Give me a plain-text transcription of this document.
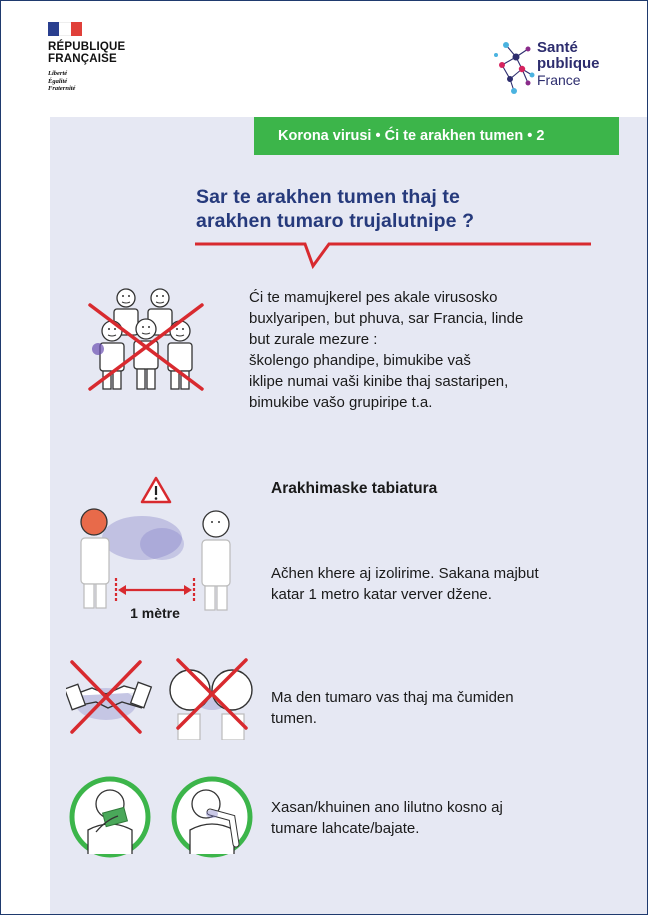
RÉPUBLIQUE
FRANÇAISE
Liberté
Égalité
Fraternité
Santé
publique
France
Korona virusi • Ći te arakhen tumen • 2
Sar te arakhen tumen thaj te
arakhen tumaro trujalutnipe ?
Ći te mamujkerel pes akale virusosko
buxlyaripen, but phuva, sar Francia, linde
but zurale mezure :
školengo phandipe, bimukibe vaš
iklipe numai vaši kinibe thaj sastaripen,
bimukibe vašo grupiripe t.a.
1 mètre
Arakhimaske tabiatura
Ačhen khere aj izolirime. Sakana majbut
katar 1 metro katar verver džene.
Ma den tumaro vas thaj ma čumiden
tumen.
Xasan/khuinen ano lilutno kosno aj
tumare lahcate/bajate.
